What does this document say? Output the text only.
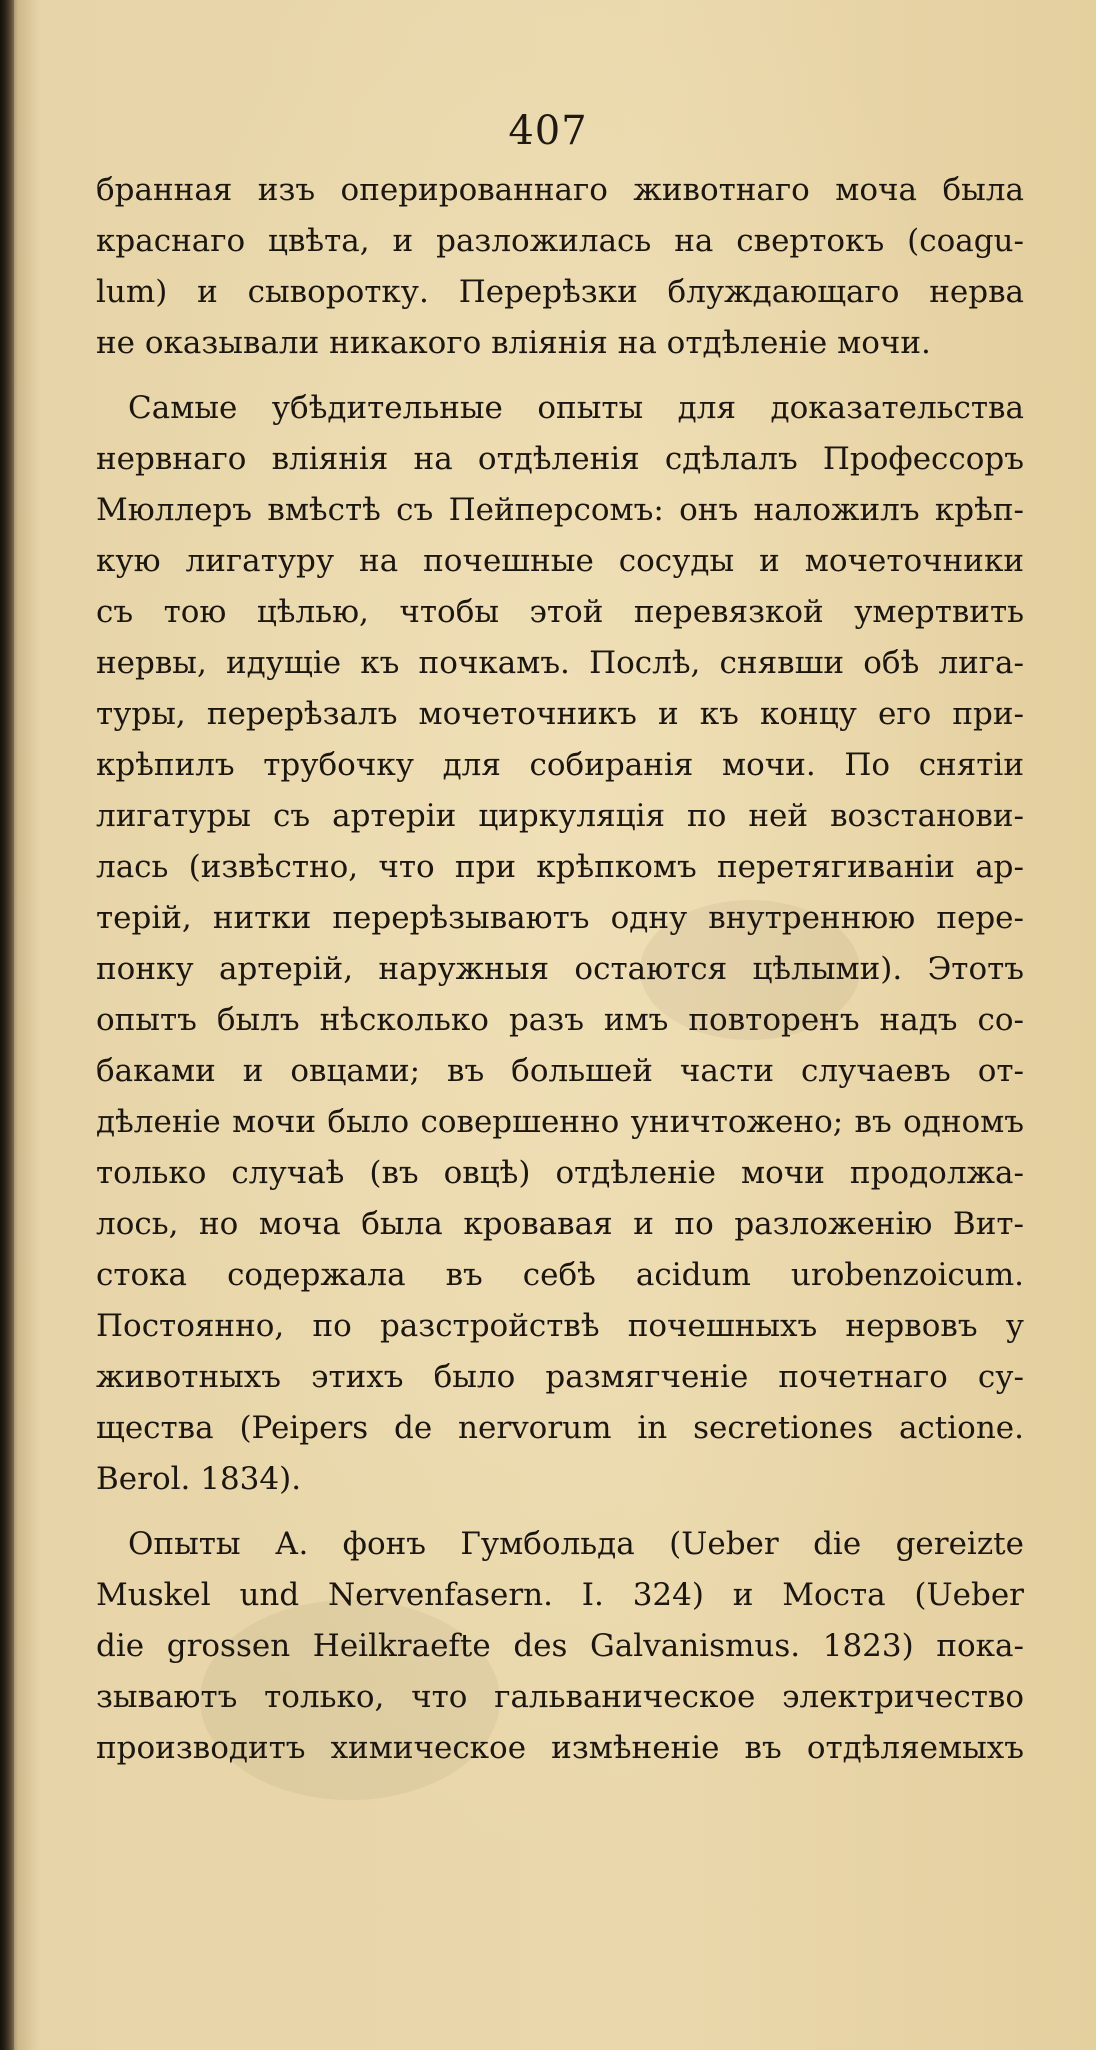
407
бранная изъ оперированнаго животнаго моча была
краснаго цвѣта, и разложилась на свертокъ (coagu-
lum) и сыворотку. Перерѣзки блуждающаго нерва
не оказывали никакого вліянія на отдѣленіе мочи.
Самые убѣдительные опыты для доказательства
нервнаго вліянія на отдѣленія сдѣлалъ Профессоръ
Мюллеръ вмѣстѣ съ Пейперсомъ: онъ наложилъ крѣп-
кую лигатуру на почешные сосуды и мочеточники
съ тою цѣлью, чтобы этой перевязкой умертвить
нервы, идущіе къ почкамъ. Послѣ, снявши обѣ лига-
туры, перерѣзалъ мочеточникъ и къ концу его при-
крѣпилъ трубочку для собиранія мочи. По снятіи
лигатуры съ артеріи циркуляція по ней возстанови-
лась (извѣстно, что при крѣпкомъ перетягиваніи ар-
терій, нитки перерѣзываютъ одну внутреннюю пере-
понку артерій, наружныя остаются цѣлыми). Этотъ
опытъ былъ нѣсколько разъ имъ повторенъ надъ со-
баками и овцами; въ большей части случаевъ от-
дѣленіе мочи было совершенно уничтожено; въ одномъ
только случаѣ (въ овцѣ) отдѣленіе мочи продолжа-
лось, но моча была кровавая и по разложенію Вит-
стока содержала въ себѣ acidum urobenzoicum.
Постоянно, по разстройствѣ почешныхъ нервовъ у
животныхъ этихъ было размягченіе почетнаго су-
щества (Peipers de nervorum in secretiones actione.
Berol. 1834).
Опыты А. фонъ Гумбольда (Ueber die gereizte
Muskel und Nervenfasern. I. 324) и Моста (Ueber
die grossen Heilkraefte des Galvanismus. 1823) пока-
зываютъ только, что гальваническое электричество
производитъ химическое измѣненіе въ отдѣляемыхъ
